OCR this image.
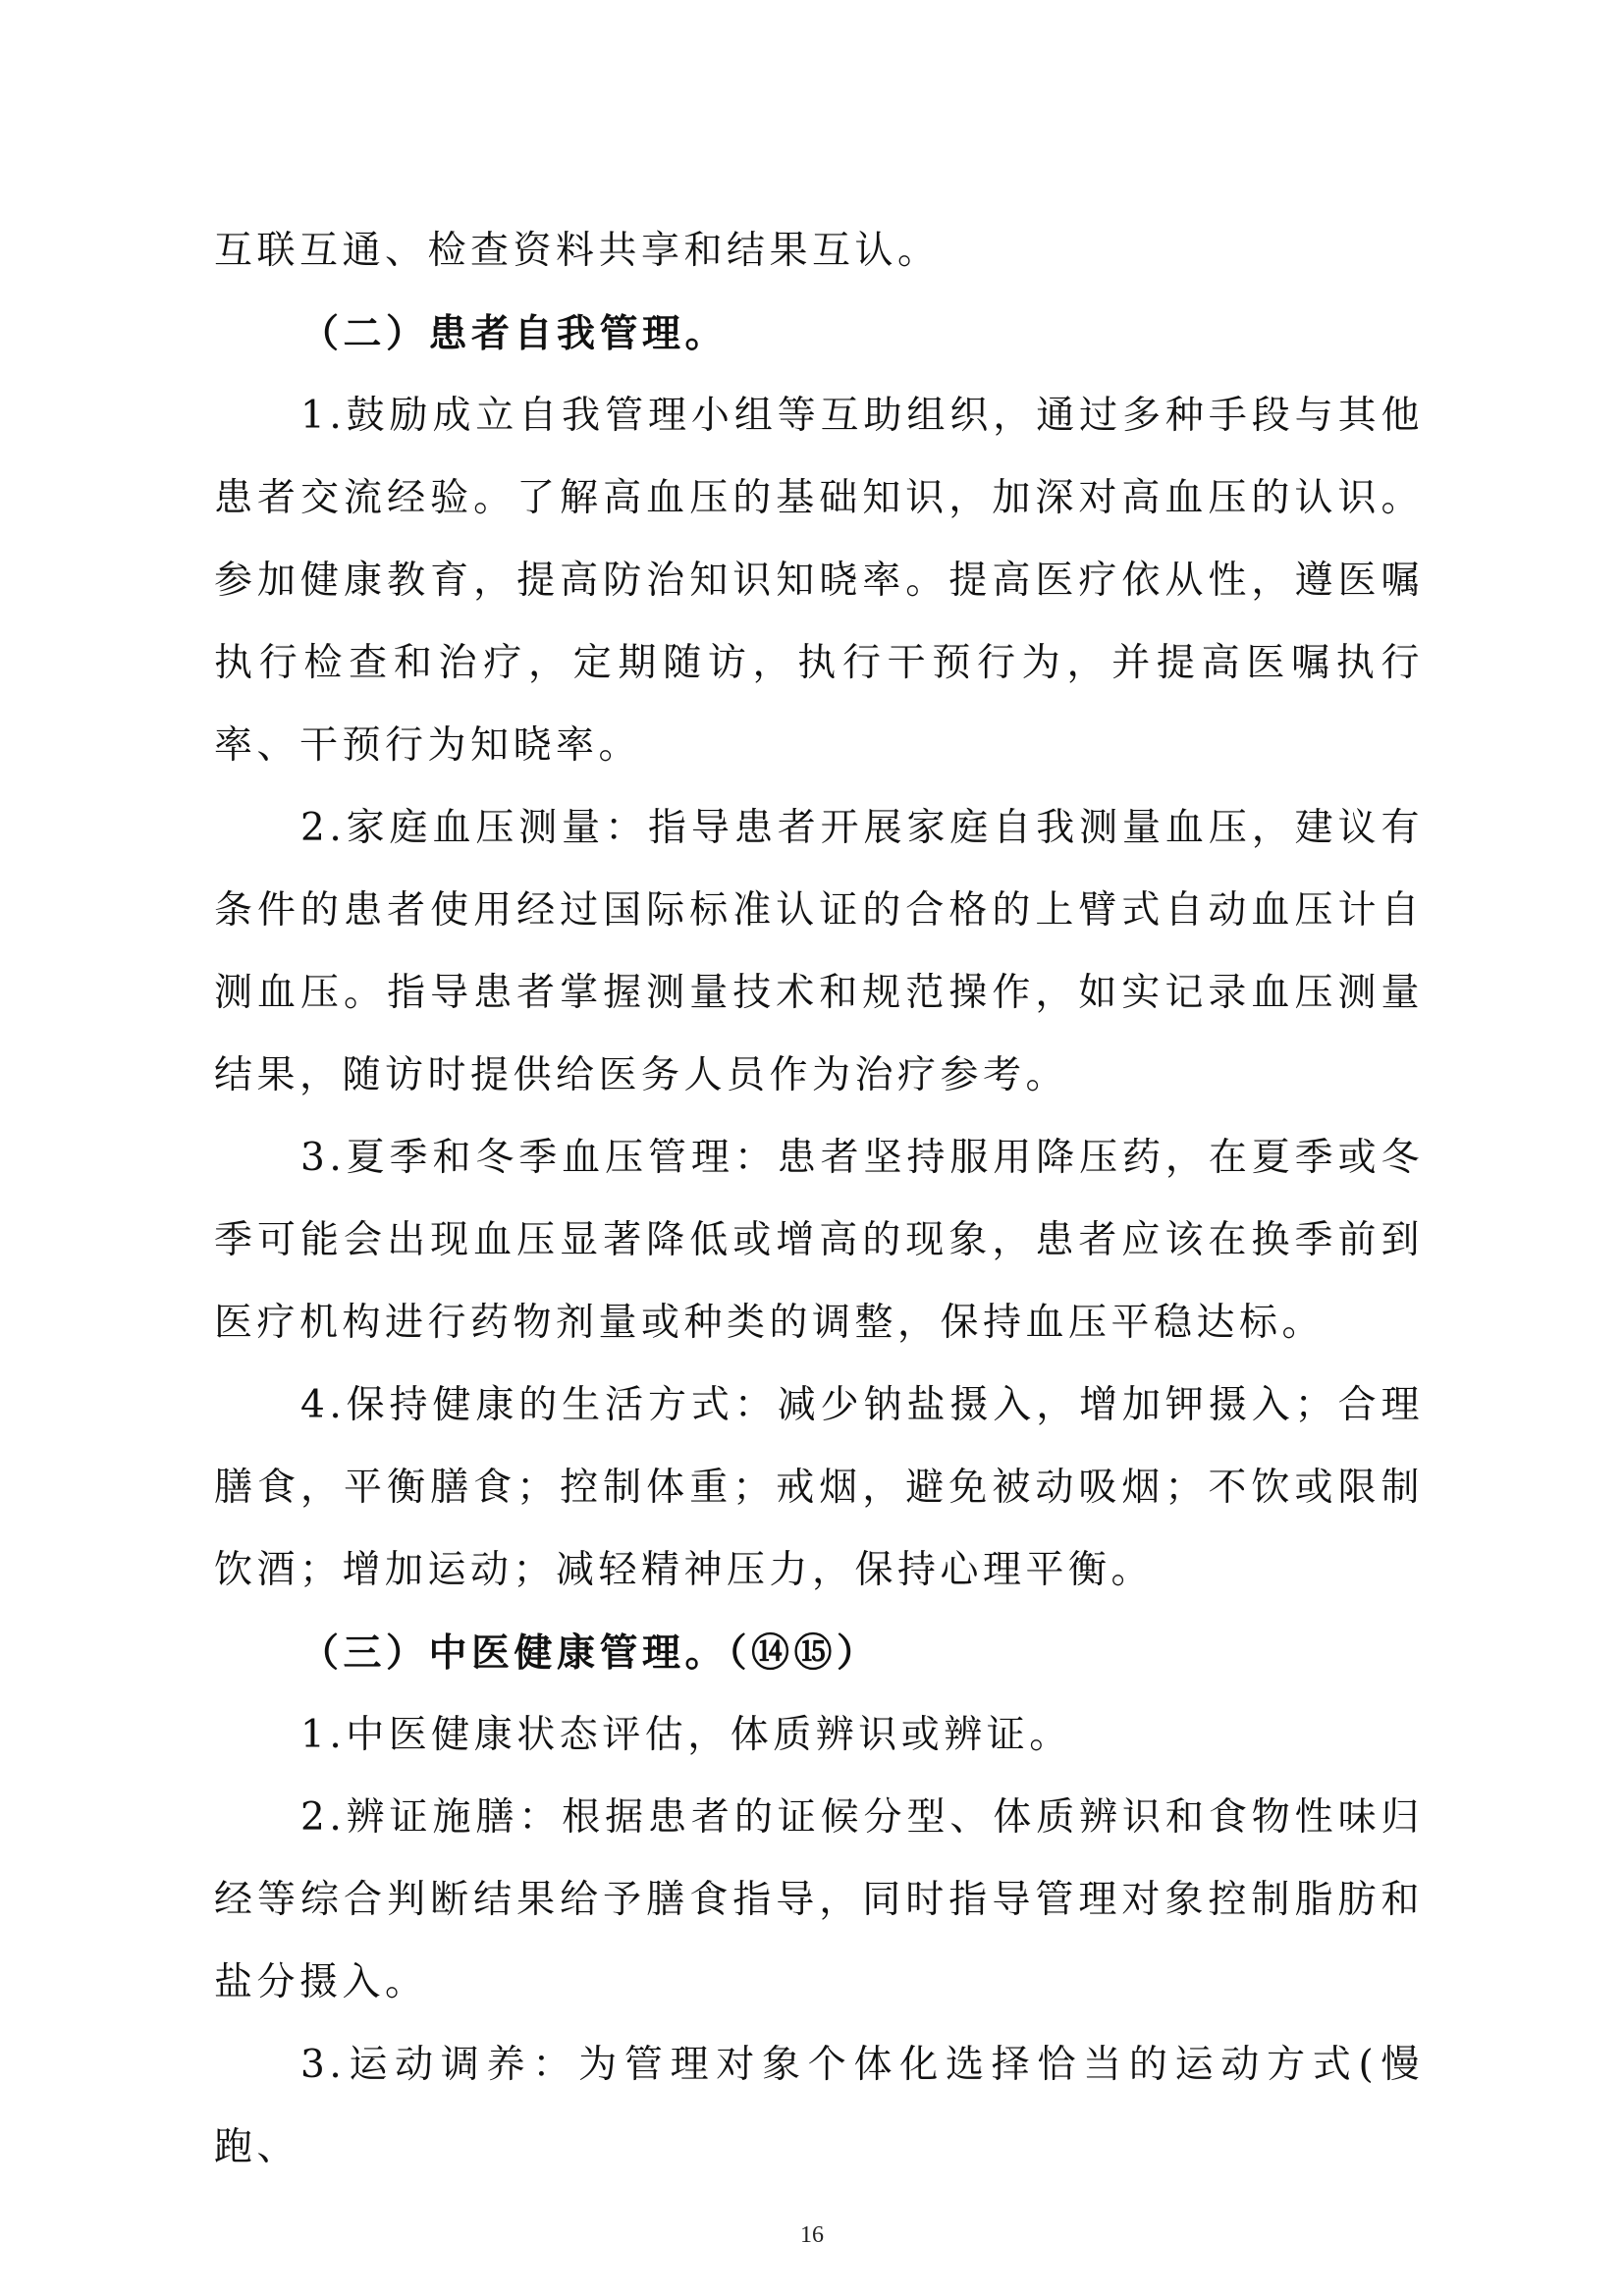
互联互通、检查资料共享和结果互认。

（二）患者自我管理。

1.鼓励成立自我管理小组等互助组织，通过多种手段与其他患者交流经验。了解高血压的基础知识，加深对高血压的认识。参加健康教育，提高防治知识知晓率。提高医疗依从性，遵医嘱执行检查和治疗，定期随访，执行干预行为，并提高医嘱执行率、干预行为知晓率。

2.家庭血压测量：指导患者开展家庭自我测量血压，建议有条件的患者使用经过国际标准认证的合格的上臂式自动血压计自测血压。指导患者掌握测量技术和规范操作，如实记录血压测量结果，随访时提供给医务人员作为治疗参考。

3.夏季和冬季血压管理：患者坚持服用降压药，在夏季或冬季可能会出现血压显著降低或增高的现象，患者应该在换季前到医疗机构进行药物剂量或种类的调整，保持血压平稳达标。

4.保持健康的生活方式：减少钠盐摄入，增加钾摄入；合理膳食，平衡膳食；控制体重；戒烟，避免被动吸烟；不饮或限制饮酒；增加运动；减轻精神压力，保持心理平衡。

（三）中医健康管理。（⑭⑮）

1.中医健康状态评估，体质辨识或辨证。

2.辨证施膳：根据患者的证候分型、体质辨识和食物性味归经等综合判断结果给予膳食指导，同时指导管理对象控制脂肪和盐分摄入。

3.运动调养：为管理对象个体化选择恰当的运动方式(慢跑、

16
